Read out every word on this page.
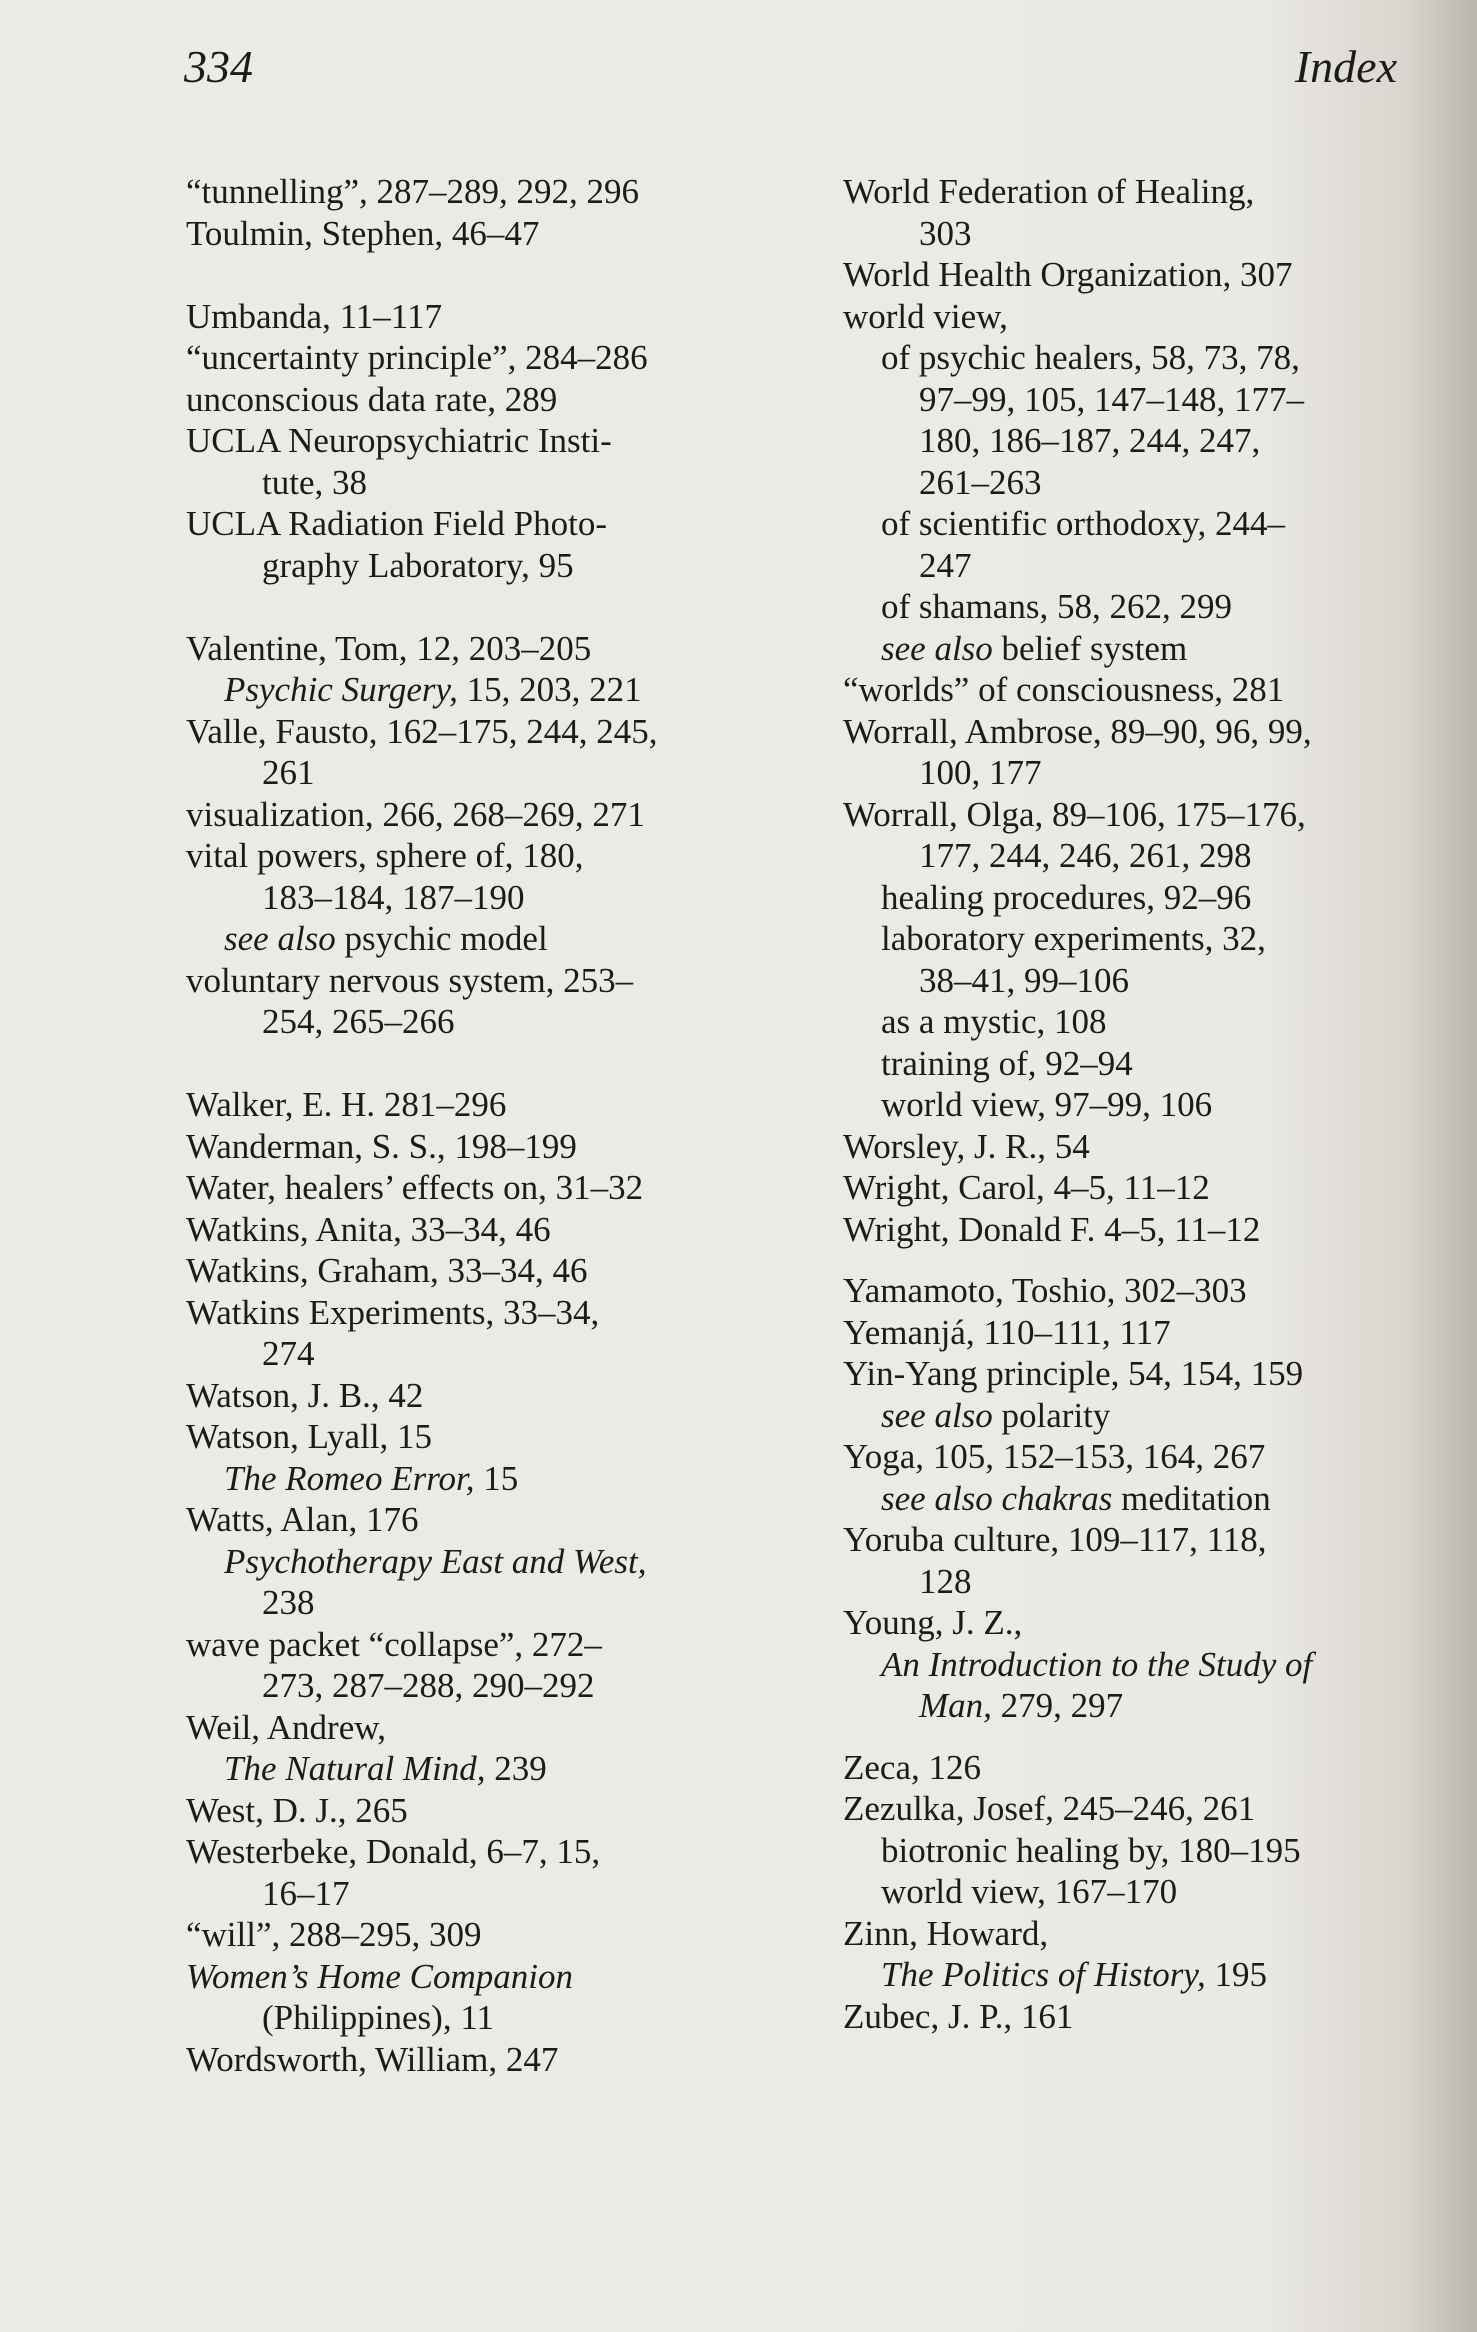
334	Index
“tunnelling”, 287–289, 292, 296
Toulmin, Stephen, 46–47
Umbanda, 11–117
“uncertainty principle”, 284–286
unconscious data rate, 289
UCLA Neuropsychiatric Insti-
tute, 38
UCLA Radiation Field Photo-
graphy Laboratory, 95
Valentine, Tom, 12, 203–205
Psychic Surgery, 15, 203, 221
Valle, Fausto, 162–175, 244, 245,
261
visualization, 266, 268–269, 271
vital powers, sphere of, 180,
183–184, 187–190
see also psychic model
voluntary nervous system, 253–
254, 265–266
Walker, E. H. 281–296
Wanderman, S. S., 198–199
Water, healers’ effects on, 31–32
Watkins, Anita, 33–34, 46
Watkins, Graham, 33–34, 46
Watkins Experiments, 33–34,
274
Watson, J. B., 42
Watson, Lyall, 15
The Romeo Error, 15
Watts, Alan, 176
Psychotherapy East and West,
238
wave packet “collapse”, 272–
273, 287–288, 290–292
Weil, Andrew,
The Natural Mind, 239
West, D. J., 265
Westerbeke, Donald, 6–7, 15,
16–17
“will”, 288–295, 309
Women’s Home Companion
(Philippines), 11
Wordsworth, William, 247
World Federation of Healing,
303
World Health Organization, 307
world view,
of psychic healers, 58, 73, 78,
97–99, 105, 147–148, 177–
180, 186–187, 244, 247,
261–263
of scientific orthodoxy, 244–
247
of shamans, 58, 262, 299
see also belief system
“worlds” of consciousness, 281
Worrall, Ambrose, 89–90, 96, 99,
100, 177
Worrall, Olga, 89–106, 175–176,
177, 244, 246, 261, 298
healing procedures, 92–96
laboratory experiments, 32,
38–41, 99–106
as a mystic, 108
training of, 92–94
world view, 97–99, 106
Worsley, J. R., 54
Wright, Carol, 4–5, 11–12
Wright, Donald F. 4–5, 11–12
Yamamoto, Toshio, 302–303
Yemanjá, 110–111, 117
Yin-Yang principle, 54, 154, 159
see also polarity
Yoga, 105, 152–153, 164, 267
see also chakras meditation
Yoruba culture, 109–117, 118,
128
Young, J. Z.,
An Introduction to the Study of
Man, 279, 297
Zeca, 126
Zezulka, Josef, 245–246, 261
biotronic healing by, 180–195
world view, 167–170
Zinn, Howard,
The Politics of History, 195
Zubec, J. P., 161
